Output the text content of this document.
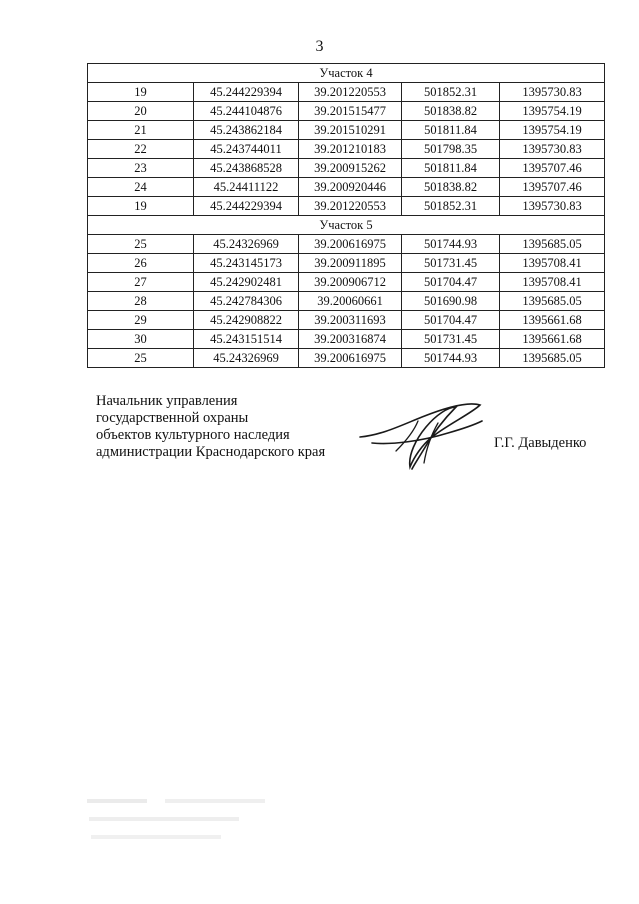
3
Участок 4				
19	45.244229394	39.201220553	501852.31	1395730.83
20	45.244104876	39.201515477	501838.82	1395754.19
21	45.243862184	39.201510291	501811.84	1395754.19
22	45.243744011	39.201210183	501798.35	1395730.83
23	45.243868528	39.200915262	501811.84	1395707.46
24	45.24411122	39.200920446	501838.82	1395707.46
19	45.244229394	39.201220553	501852.31	1395730.83
Участок 5				
25	45.24326969	39.200616975	501744.93	1395685.05
26	45.243145173	39.200911895	501731.45	1395708.41
27	45.242902481	39.200906712	501704.47	1395708.41
28	45.242784306	39.20060661	501690.98	1395685.05
29	45.242908822	39.200311693	501704.47	1395661.68
30	45.243151514	39.200316874	501731.45	1395661.68
25	45.24326969	39.200616975	501744.93	1395685.05
Начальник управления
государственной охраны
объектов культурного наследия
администрации Краснодарского края
Г.Г. Давыденко
